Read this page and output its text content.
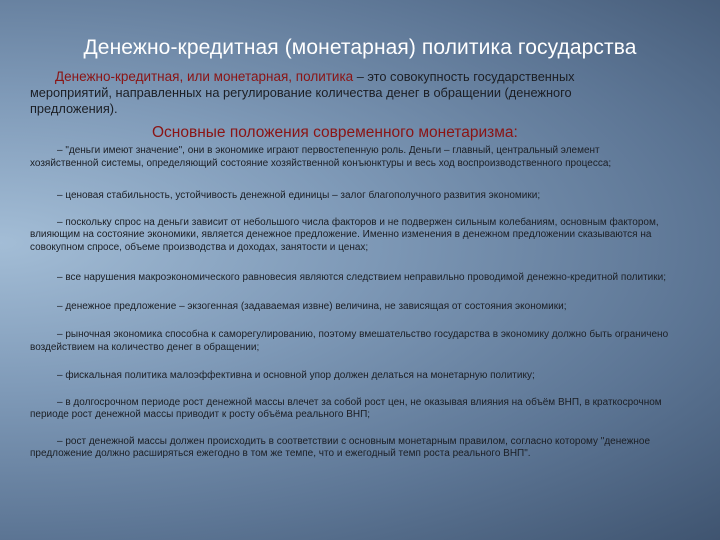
Денежно-кредитная (монетарная) политика государства
Денежно-кредитная, или монетарная, политика – это совокупность государственных мероприятий, направленных на регулирование количества денег в обращении (денежного предложения).
Основные положения современного монетаризма:

– "деньги имеют значение", они в экономике играют первостепенную роль. Деньги – главный, центральный элемент хозяйственной системы, определяющий состояние хозяйственной конъюнктуры и весь ход воспроизводственного процесса;

– ценовая стабильность, устойчивость денежной единицы – залог благополучного развития экономики;

– поскольку спрос на деньги зависит от небольшого числа факторов и не подвержен сильным колебаниям, основным фактором, влияющим на состояние экономики, является денежное предложение. Именно изменения в денежном предложении сказываются на совокупном спросе, объеме производства и доходах, занятости и ценах;

– все нарушения макроэкономического равновесия являются следствием неправильно проводимой денежно-кредитной политики;

– денежное предложение – экзогенная (задаваемая извне) величина, не зависящая от состояния экономики;

– рыночная экономика способна к саморегулированию, поэтому вмешательство государства в экономику должно быть ограничено воздействием на количество денег в обращении;

– фискальная политика малоэффективна и основной упор должен делаться на монетарную политику;

– в долгосрочном периоде рост денежной массы влечет за собой рост цен, не оказывая влияния на объём ВНП, в краткосрочном периоде рост денежной массы приводит к росту объёма реального ВНП;

– рост денежной массы должен происходить в соответствии с основным монетарным правилом, согласно которому "денежное предложение должно расширяться ежегодно в том же темпе, что и ежегодный темп роста реального ВНП".
